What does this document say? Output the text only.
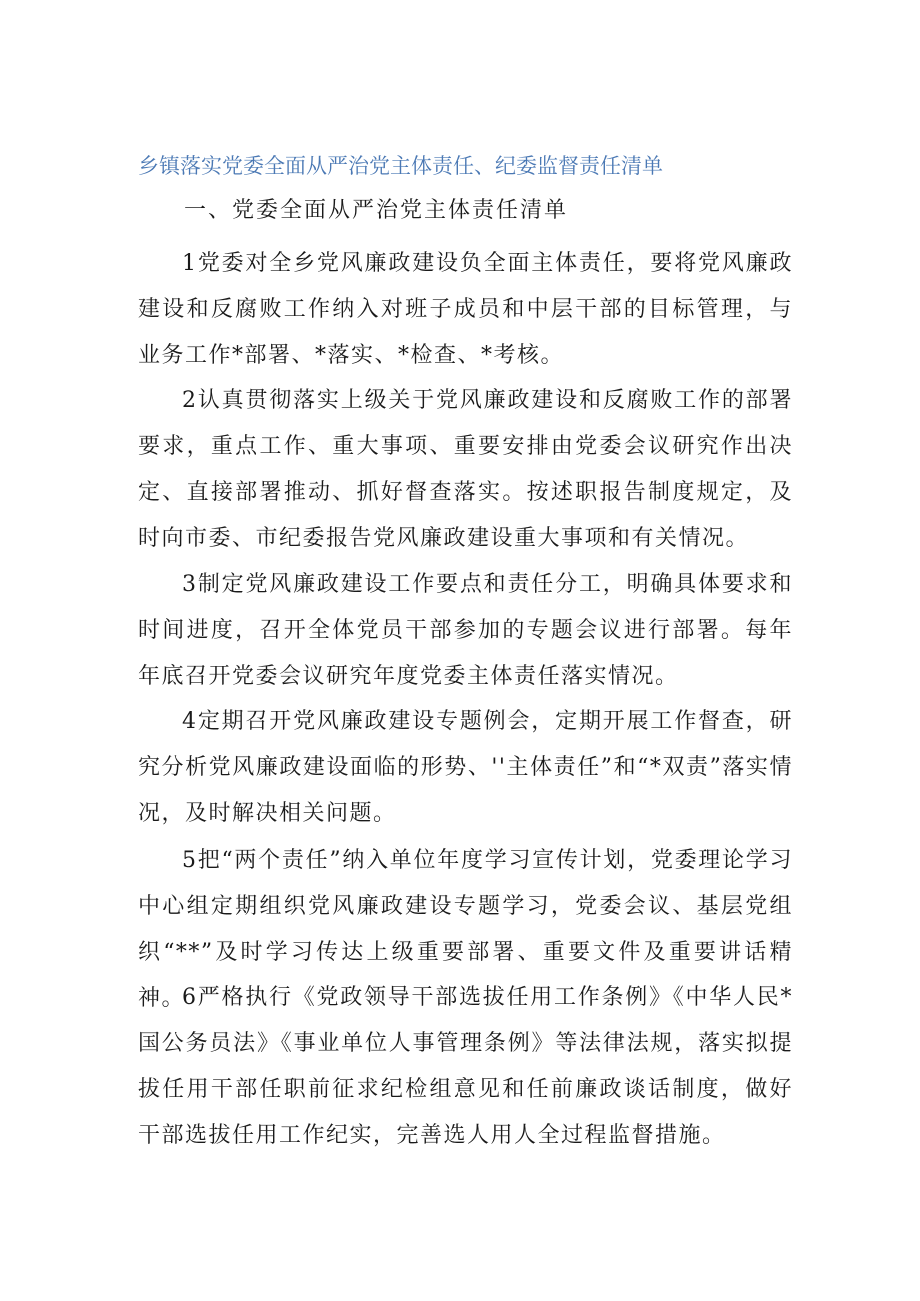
乡镇落实党委全面从严治党主体责任、纪委监督责任清单
一、党委全面从严治党主体责任清单

1党委对全乡党风廉政建设负全面主体责任，要将党风廉政建设和反腐败工作纳入对班子成员和中层干部的目标管理，与业务工作*部署、*落实、*检查、*考核。

2认真贯彻落实上级关于党风廉政建设和反腐败工作的部署要求，重点工作、重大事项、重要安排由党委会议研究作出决定、直接部署推动、抓好督查落实。按述职报告制度规定，及时向市委、市纪委报告党风廉政建设重大事项和有关情况。

3制定党风廉政建设工作要点和责任分工，明确具体要求和时间进度，召开全体党员干部参加的专题会议进行部署。每年年底召开党委会议研究年度党委主体责任落实情况。

4定期召开党风廉政建设专题例会，定期开展工作督查，研究分析党风廉政建设面临的形势、''主体责任”和“*双责”落实情况，及时解决相关问题。

5把“两个责任”纳入单位年度学习宣传计划，党委理论学习中心组定期组织党风廉政建设专题学习，党委会议、基层党组织“**”及时学习传达上级重要部署、重要文件及重要讲话精神。

6严格执行《党政领导干部选拔任用工作条例》《中华人民*国公务员法》《事业单位人事管理条例》等法律法规，落实拟提拔任用干部任职前征求纪检组意见和任前廉政谈话制度，做好干部选拔任用工作纪实，完善选人用人全过程监督措施。
